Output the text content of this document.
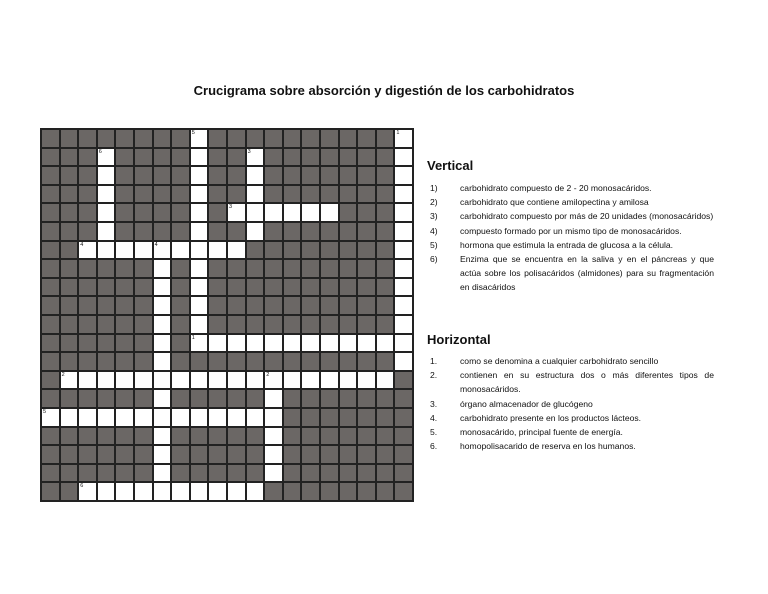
Crucigrama sobre absorción y digestión de los carbohidratos
5	1
6	3
3
4	4
1
2	2
5
6
Vertical
1)	carbohidrato compuesto de 2 - 20 monosacáridos.
2)	carbohidrato que contiene amilopectina y amilosa
3)	carbohidrato compuesto por más de 20 unidades (monosacáridos)
4)	compuesto formado por un mismo tipo de monosacáridos.
5)	hormona que estimula la entrada de glucosa a la célula.
6)	Enzima que se encuentra en la saliva y en el páncreas y que actúa sobre los polisacáridos (almidones) para su fragmentación en disacáridos
Horizontal
1.	como se denomina a cualquier carbohidrato sencillo
2.	contienen en su estructura dos o más diferentes tipos de monosacáridos.
3.	órgano almacenador de glucógeno
4.	carbohidrato presente en los productos lácteos.
5.	monosacárido, principal fuente de energía.
6.	homopolisacarido de reserva en los humanos.
